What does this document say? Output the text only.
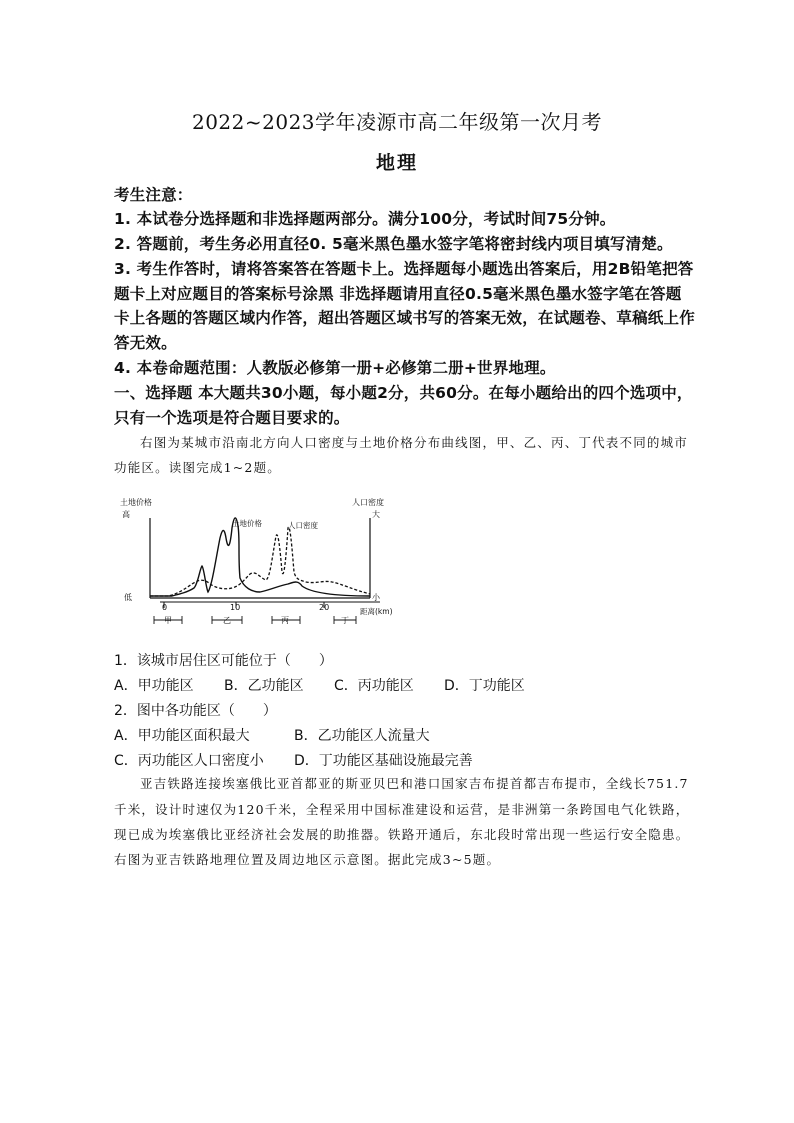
2022~2023学年凌源市高二年级第一次月考
地理
考生注意：
1. 本试卷分选择题和非选择题两部分。满分100分，考试时间75分钟。
2. 答题前，考生务必用直径0. 5毫米黑色墨水签字笔将密封线内项目填写清楚。
3. 考生作答时，请将答案答在答题卡上。选择题每小题选出答案后，用2B铅笔把答
题卡上对应题目的答案标号涂黑 非选择题请用直径0.5毫米黑色墨水签字笔在答题
卡上各题的答题区域内作答，超出答题区域书写的答案无效，在试题卷、草稿纸上作
答无效。
4. 本卷命题范围：人教版必修第一册+必修第二册+世界地理。
一、选择题 本大题共30小题，每小题2分，共60分。在每小题给出的四个选项中，
只有一个选项是符合题目要求的。
右图为某城市沿南北方向人口密度与土地价格分布曲线图，甲、乙、丙、丁代表不同的城市
功能区。读图完成1~2题。
土地价格
高
低
人口密度
大
小
土地价格	人口密度
0	10	20	距离(km)
甲	乙	丙	丁
1．该城市居住区可能位于（　　）
A．甲功能区 B．乙功能区 C．丙功能区 D．丁功能区
2．图中各功能区（　　）
A．甲功能区面积最大	B．乙功能区人流量大
C．丙功能区人口密度小 D．丁功能区基础设施最完善
亚吉铁路连接埃塞俄比亚首都亚的斯亚贝巴和港口国家吉布提首都吉布提市，全线长751.7
千米，设计时速仅为120千米，全程采用中国标准建设和运营，是非洲第一条跨国电气化铁路，
现已成为埃塞俄比亚经济社会发展的助推器。铁路开通后，东北段时常出现一些运行安全隐患。
右图为亚吉铁路地理位置及周边地区示意图。据此完成3~5题。
